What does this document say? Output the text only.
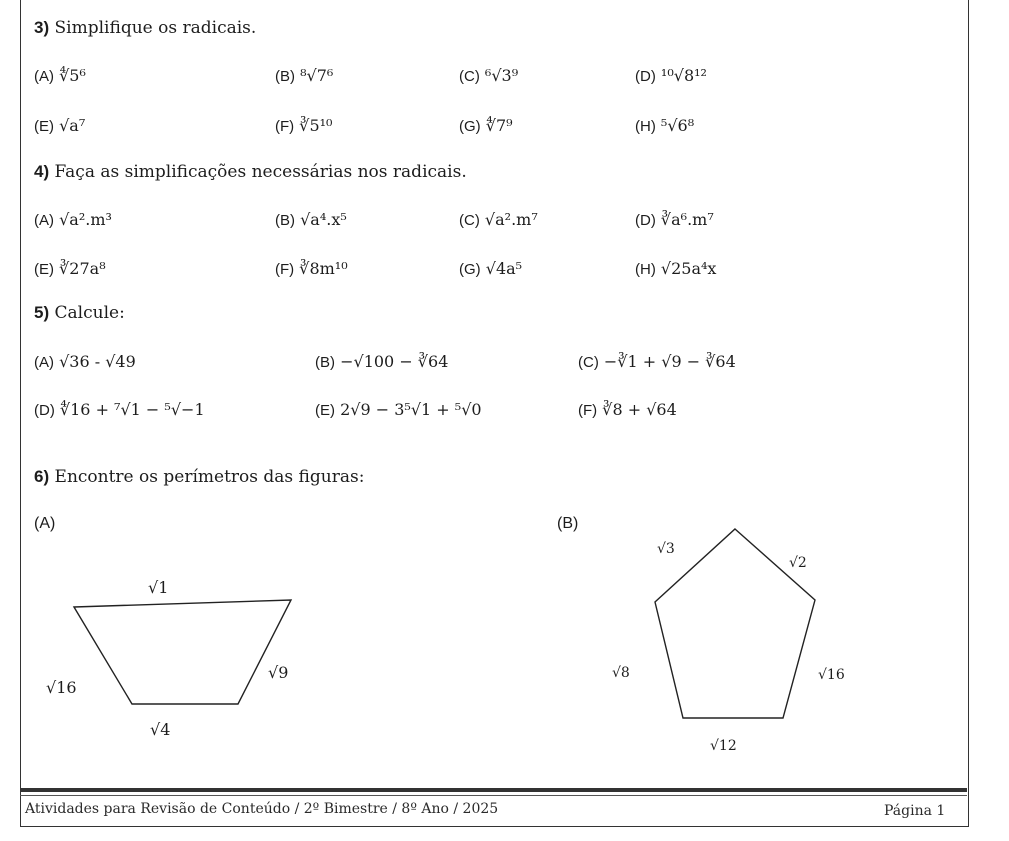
3) Simplifique os radicais.
(A) ∜5⁶	(B) ⁸√7⁶	(C) ⁶√3⁹	(D) ¹⁰√8¹²
(E) √a⁷	(F) ∛5¹⁰	(G) ∜7⁹	(H) ⁵√6⁸
4) Faça as simplificações necessárias nos radicais.
(A) √a².m³	(B) √a⁴.x⁵	(C) √a².m⁷	(D) ∛a⁶.m⁷
(E) ∛27a⁸	(F) ∛8m¹⁰	(G) √4a⁵	(H) √25a⁴x
5) Calcule:
(A) √36 - √49	(B) −√100 − ∛64	(C) −∛1 + √9 − ∛64
(D) ∜16 + ⁷√1 − ⁵√−1	(E) 2√9 − 3⁵√1 + ⁵√0	(F) ∛8 + √64
6) Encontre os perímetros das figuras:
(A)	(B)
√1
√16
√9
√4
√3
√2
√8	√16
√12
Atividades para Revisão de Conteúdo / 2º Bimestre / 8º Ano / 2025	Página 1
